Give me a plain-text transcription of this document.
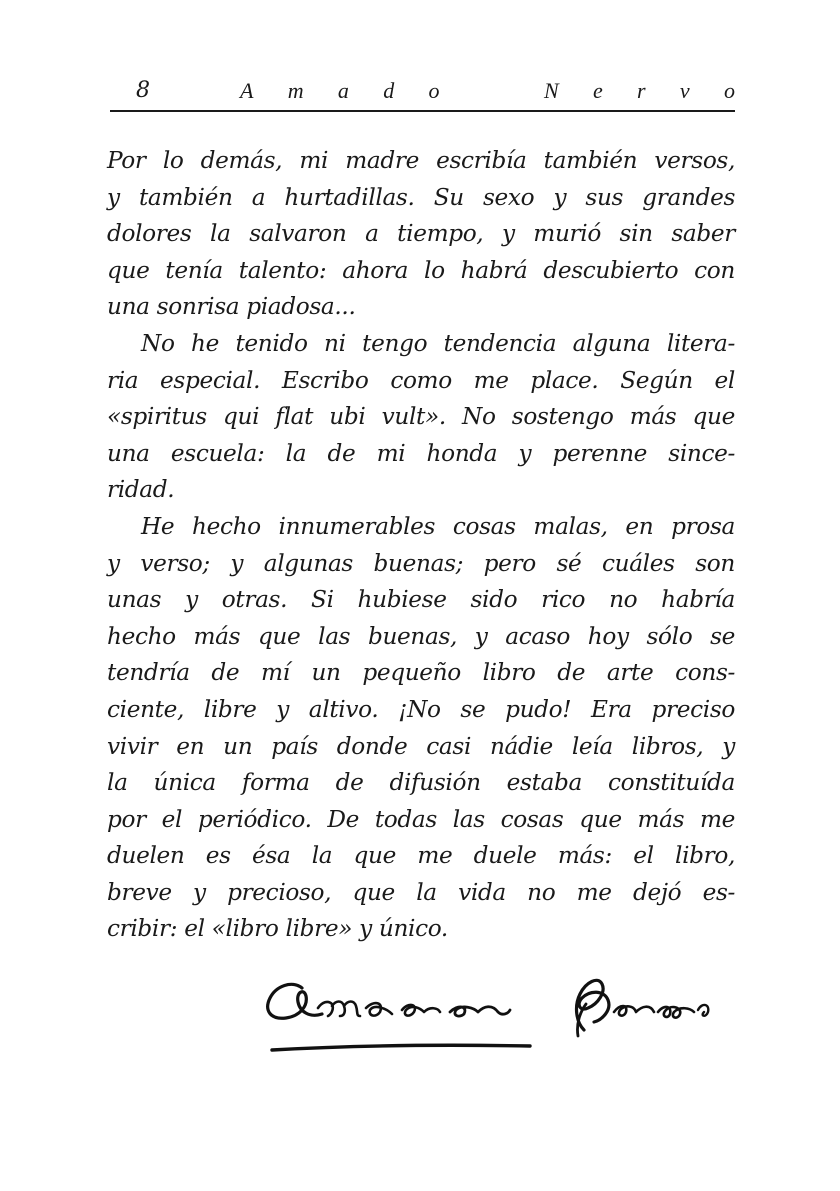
8	A m a d o	N e r v o
Por lo demás, mi madre escribía también versos,
y también a hurtadillas. Su sexo y sus grandes
dolores la salvaron a tiempo, y murió sin saber
que tenía talento: ahora lo habrá descubierto con
una sonrisa piadosa...
No he tenido ni tengo tendencia alguna litera-
ria especial. Escribo como me place. Según el
«spiritus qui flat ubi vult». No sostengo más que
una escuela: la de mi honda y perenne since-
ridad.
He hecho innumerables cosas malas, en prosa
y verso; y algunas buenas; pero sé cuáles son
unas y otras. Si hubiese sido rico no habría
hecho más que las buenas, y acaso hoy sólo se
tendría de mí un pequeño libro de arte cons-
ciente, libre y altivo. ¡No se pudo! Era preciso
vivir en un país donde casi nádie leía libros, y
la única forma de difusión estaba constituída
por el periódico. De todas las cosas que más me
duelen es ésa la que me duele más: el libro,
breve y precioso, que la vida no me dejó es-
cribir: el «libro libre» y único.
